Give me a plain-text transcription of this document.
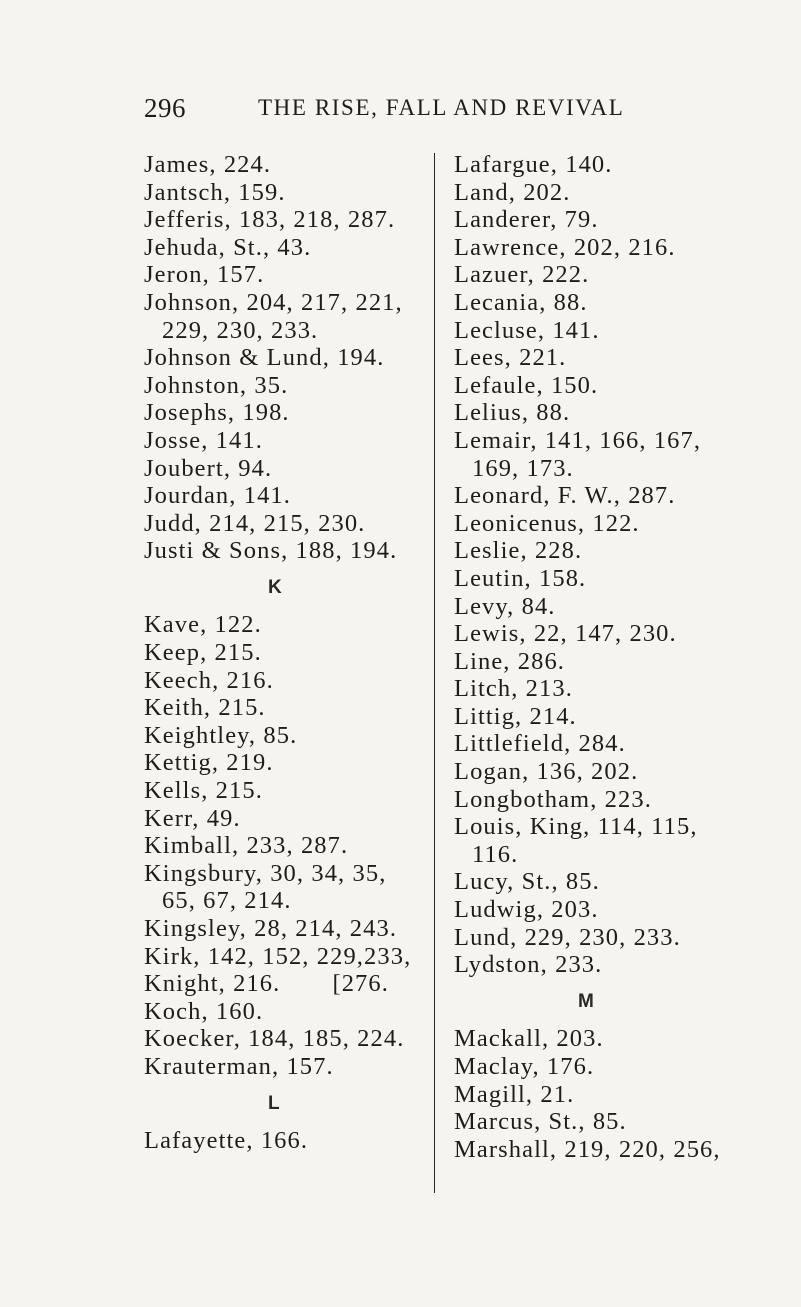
296	THE RISE, FALL AND REVIVAL
James, 224.
Jantsch, 159.
Jefferis, 183, 218, 287.
Jehuda, St., 43.
Jeron, 157.
Johnson, 204, 217, 221,
229, 230, 233.
Johnson & Lund, 194.
Johnston, 35.
Josephs, 198.
Josse, 141.
Joubert, 94.
Jourdan, 141.
Judd, 214, 215, 230.
Justi & Sons, 188, 194.
K
Kave, 122.
Keep, 215.
Keech, 216.
Keith, 215.
Keightley, 85.
Kettig, 219.
Kells, 215.
Kerr, 49.
Kimball, 233, 287.
Kingsbury, 30, 34, 35,
65, 67, 214.
Kingsley, 28, 214, 243.
Kirk, 142, 152, 229,233,
Knight, 216. [276.
Koch, 160.
Koecker, 184, 185, 224.
Krauterman, 157.
L
Lafayette, 166.
Lafargue, 140.
Land, 202.
Landerer, 79.
Lawrence, 202, 216.
Lazuer, 222.
Lecania, 88.
Lecluse, 141.
Lees, 221.
Lefaule, 150.
Lelius, 88.
Lemair, 141, 166, 167,
169, 173.
Leonard, F. W., 287.
Leonicenus, 122.
Leslie, 228.
Leutin, 158.
Levy, 84.
Lewis, 22, 147, 230.
Line, 286.
Litch, 213.
Littig, 214.
Littlefield, 284.
Logan, 136, 202.
Longbotham, 223.
Louis, King, 114, 115,
116.
Lucy, St., 85.
Ludwig, 203.
Lund, 229, 230, 233.
Lydston, 233.
M
Mackall, 203.
Maclay, 176.
Magill, 21.
Marcus, St., 85.
Marshall, 219, 220, 256,
